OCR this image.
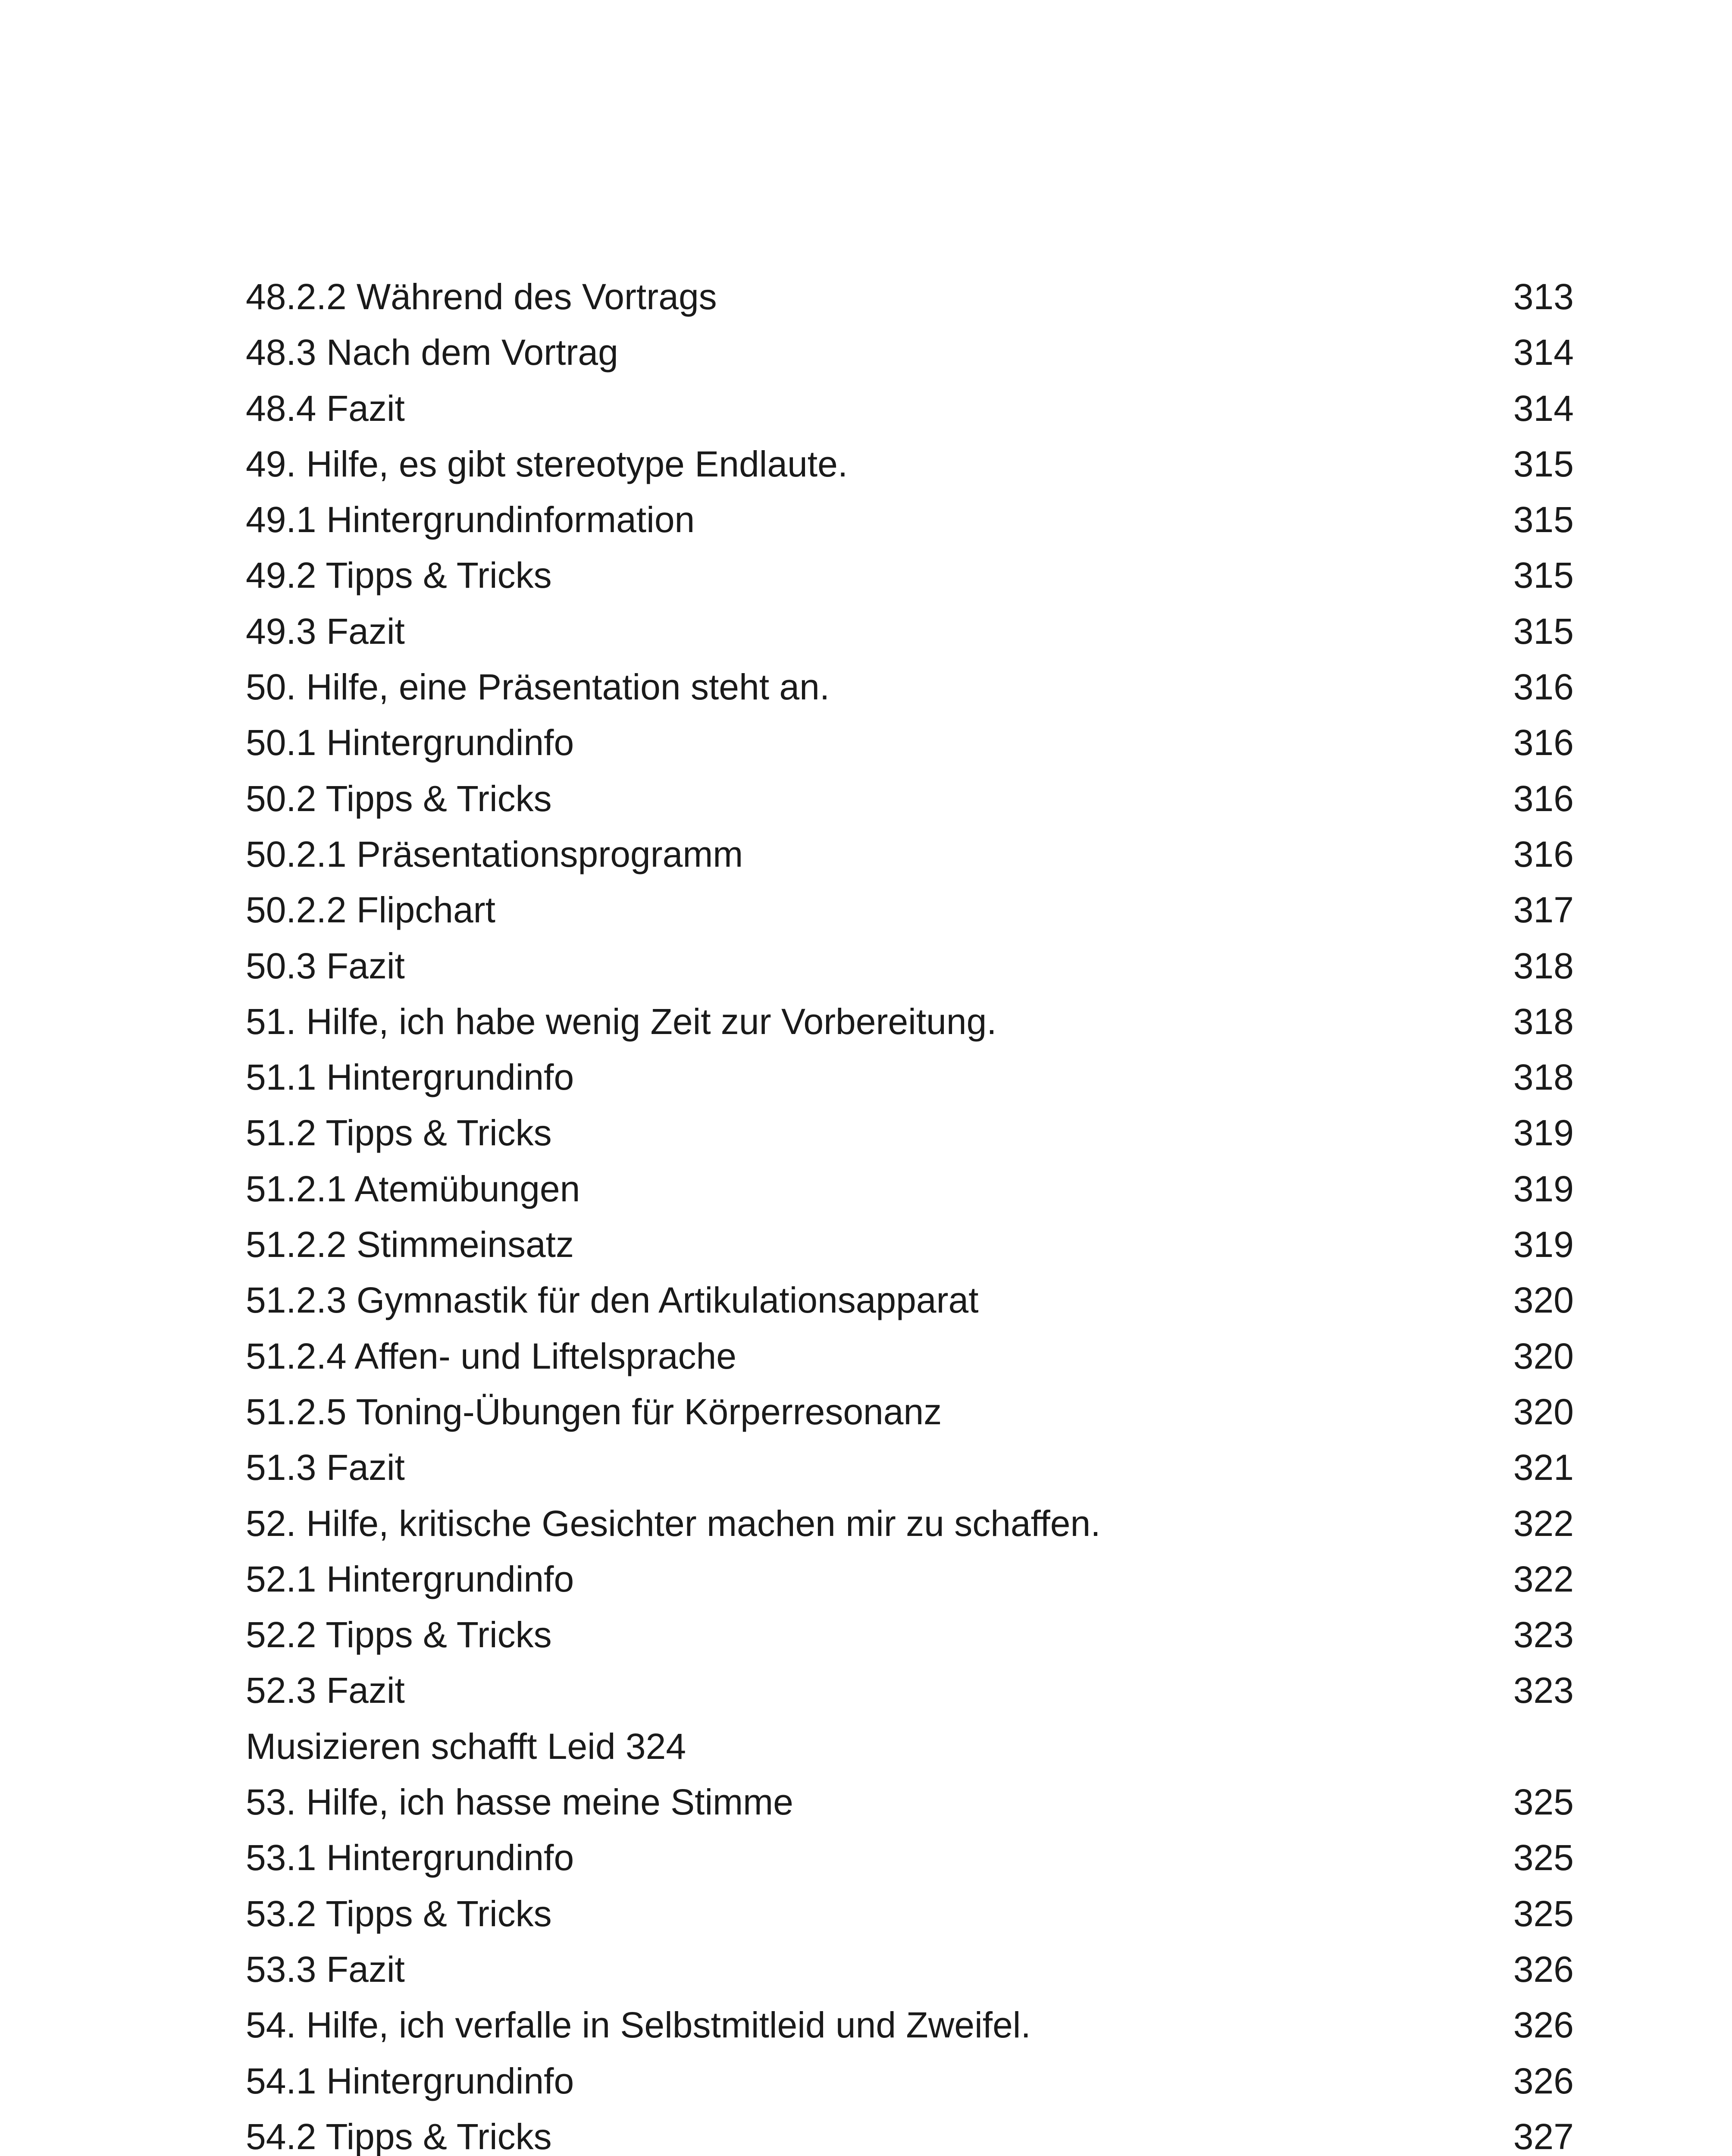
48.2.2 Während des Vortrags	313
48.3 Nach dem Vortrag	314
48.4 Fazit	314
49. Hilfe, es gibt stereotype Endlaute.	315
49.1 Hintergrundinformation	315
49.2 Tipps & Tricks	315
49.3 Fazit	315
50. Hilfe, eine Präsentation steht an.	316
50.1 Hintergrundinfo	316
50.2 Tipps & Tricks	316
50.2.1 Präsentationsprogramm	316
50.2.2 Flipchart	317
50.3 Fazit	318
51. Hilfe, ich habe wenig Zeit zur Vorbereitung.	318
51.1 Hintergrundinfo	318
51.2 Tipps & Tricks	319
51.2.1 Atemübungen	319
51.2.2 Stimmeinsatz	319
51.2.3 Gymnastik für den Artikulationsapparat	320
51.2.4 Affen- und Liftelsprache	320
51.2.5 Toning-Übungen für Körperresonanz	320
51.3 Fazit	321
52. Hilfe, kritische Gesichter machen mir zu schaffen.	322
52.1 Hintergrundinfo	322
52.2 Tipps & Tricks	323
52.3 Fazit	323
Musizieren schafft Leid 324
53. Hilfe, ich hasse meine Stimme	325
53.1 Hintergrundinfo	325
53.2 Tipps & Tricks	325
53.3 Fazit	326
54. Hilfe, ich verfalle in Selbstmitleid und Zweifel.	326
54.1 Hintergrundinfo	326
54.2 Tipps & Tricks	327
